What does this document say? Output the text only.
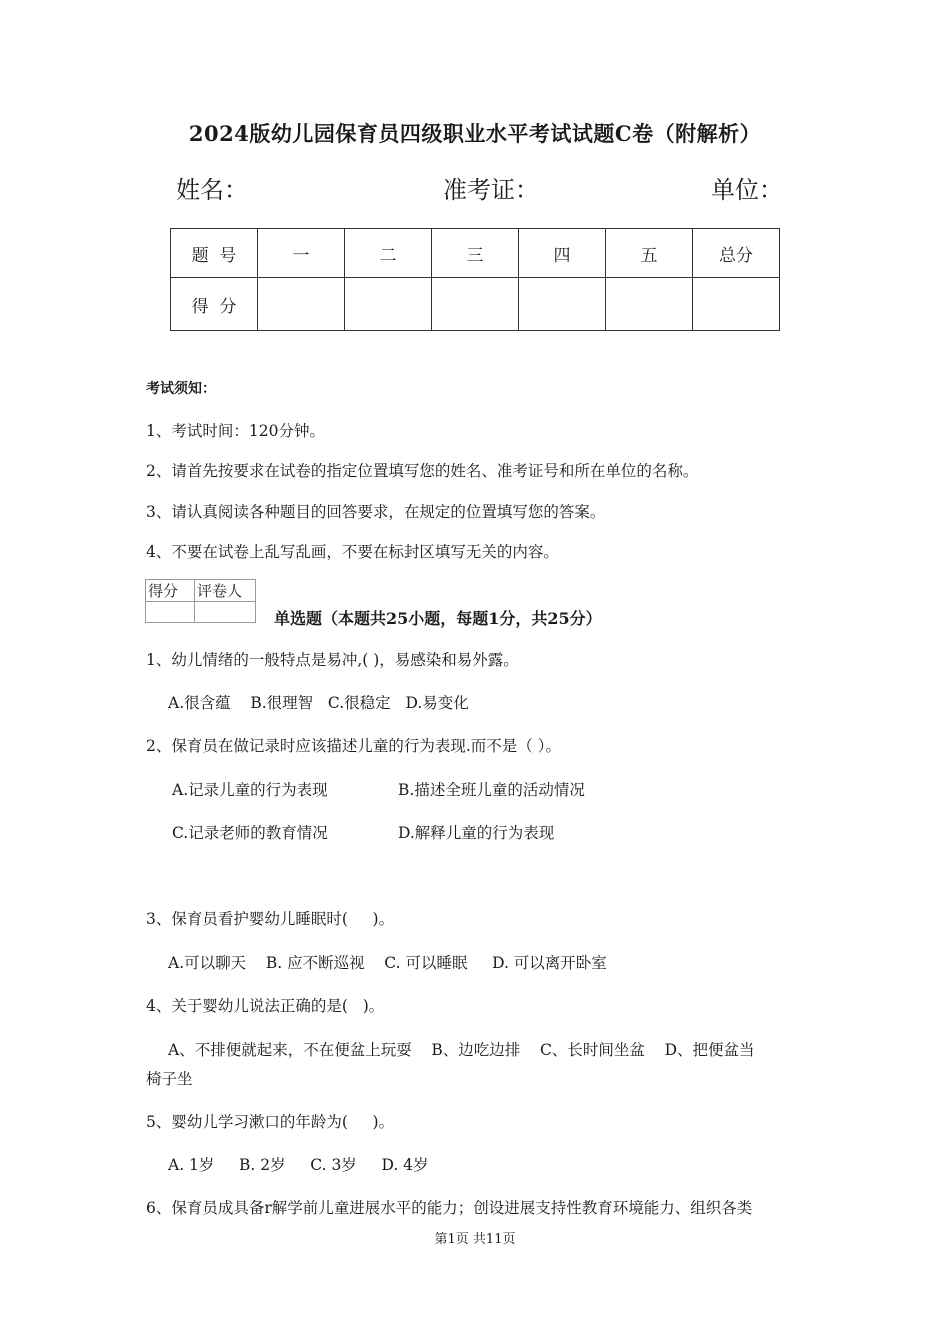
2024版幼儿园保育员四级职业水平考试试题C卷（附解析）
姓名：	准考证：	单位：
题  号	一	二	三	四	五	总分
得  分						
考试须知：
1、考试时间：120分钟。
2、请首先按要求在试卷的指定位置填写您的姓名、准考证号和所在单位的名称。
3、请认真阅读各种题目的回答要求，在规定的位置填写您的答案。
4、不要在试卷上乱写乱画，不要在标封区填写无关的内容。
得分	评卷人

单选题（本题共25小题，每题1分，共25分）
1、幼儿情绪的一般特点是易冲,( )，易感染和易外露。
A.很含蕴    B.很理智   C.很稳定   D.易变化
2、保育员在做记录时应该描述儿童的行为表现.而不是（ ）。
A.记录儿童的行为表现	B.描述全班儿童的活动情况
C.记录老师的教育情况	D.解释儿童的行为表现
3、保育员看护婴幼儿睡眠时(     )。
A.可以聊天    B. 应不断巡视    C. 可以睡眠     D. 可以离开卧室
4、关于婴幼儿说法正确的是(   )。
A、不排便就起来，不在便盆上玩耍    B、边吃边排    C、长时间坐盆    D、把便盆当
椅子坐
5、婴幼儿学习漱口的年龄为(     )。
A. 1岁     B. 2岁     C. 3岁     D. 4岁
6、保育员成具备r解学前儿童进展水平的能力；创设进展支持性教育环境能力、组织各类
第1页 共11页
